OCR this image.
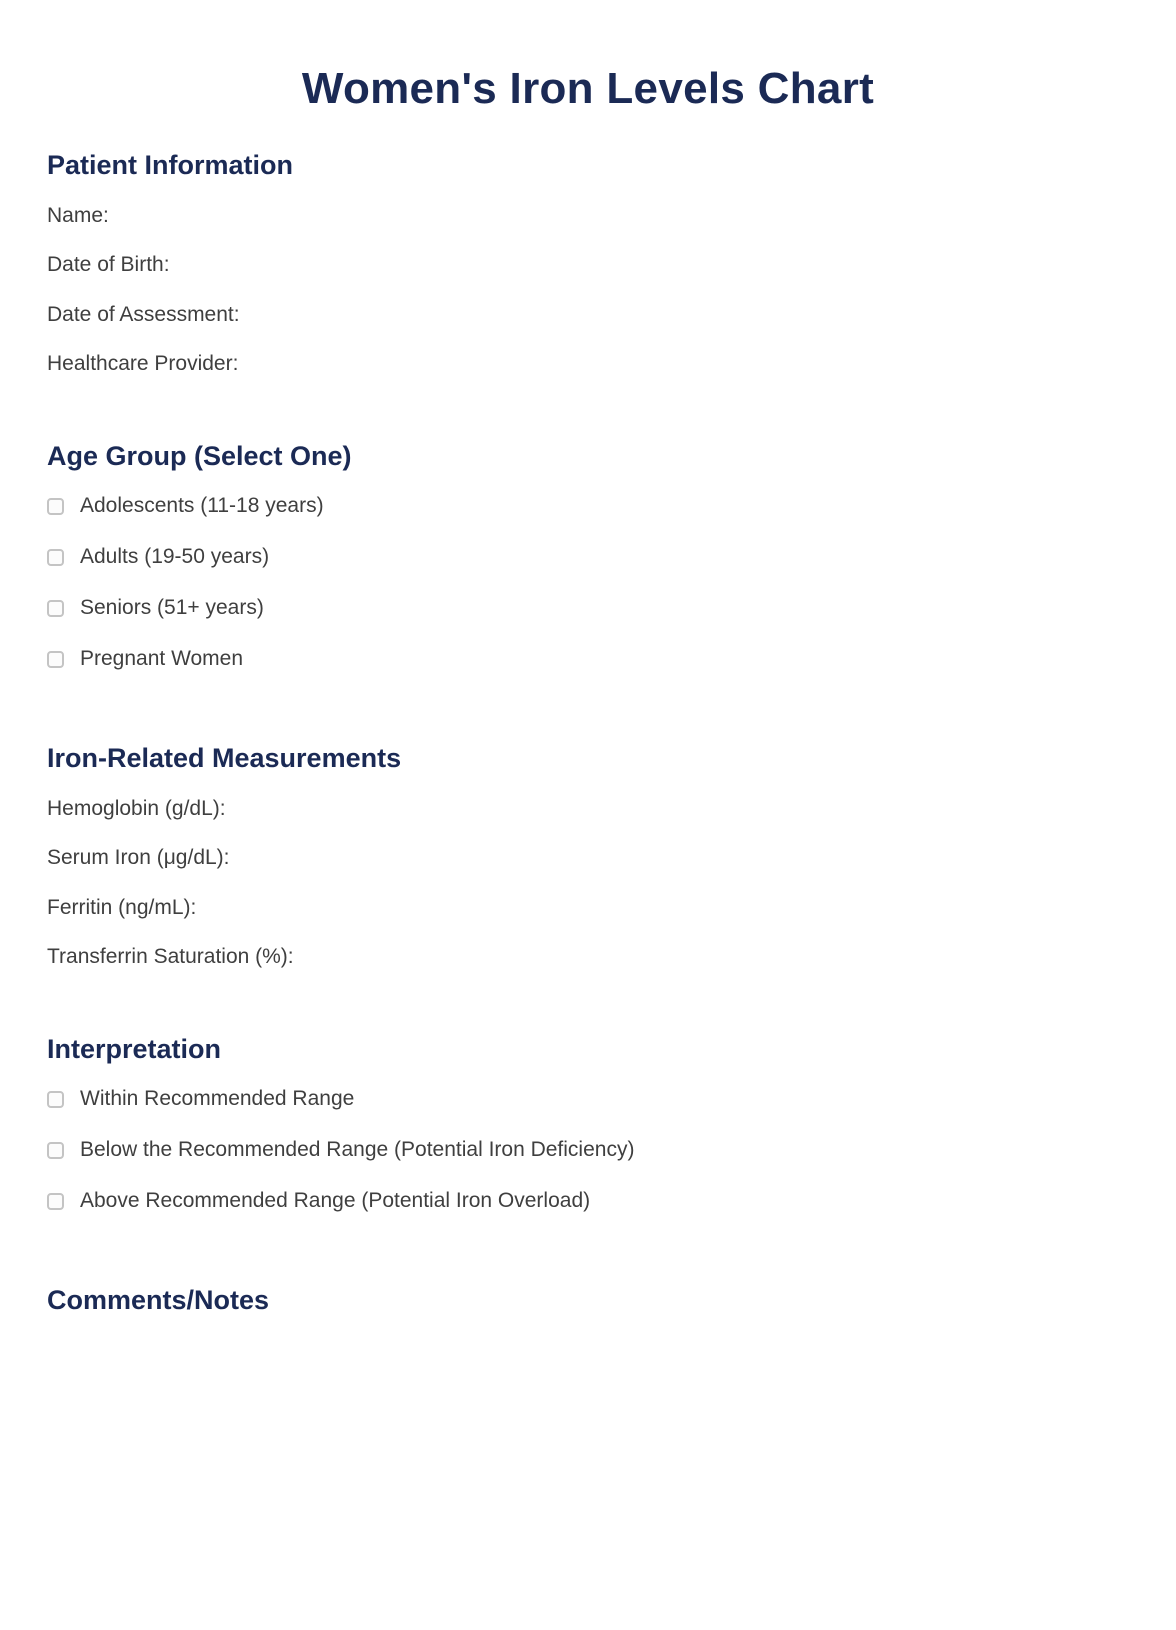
Women's Iron Levels Chart
Patient Information

Name:

Date of Birth:

Date of Assessment:

Healthcare Provider:

Age Group (Select One)
Adolescents (11-18 years)
Adults (19-50 years)
Seniors (51+ years)
Pregnant Women
Iron-Related Measurements

Hemoglobin (g/dL):

Serum Iron (μg/dL):

Ferritin (ng/mL):

Transferrin Saturation (%):

Interpretation
Within Recommended Range
Below the Recommended Range (Potential Iron Deficiency)
Above Recommended Range (Potential Iron Overload)
Comments/Notes
